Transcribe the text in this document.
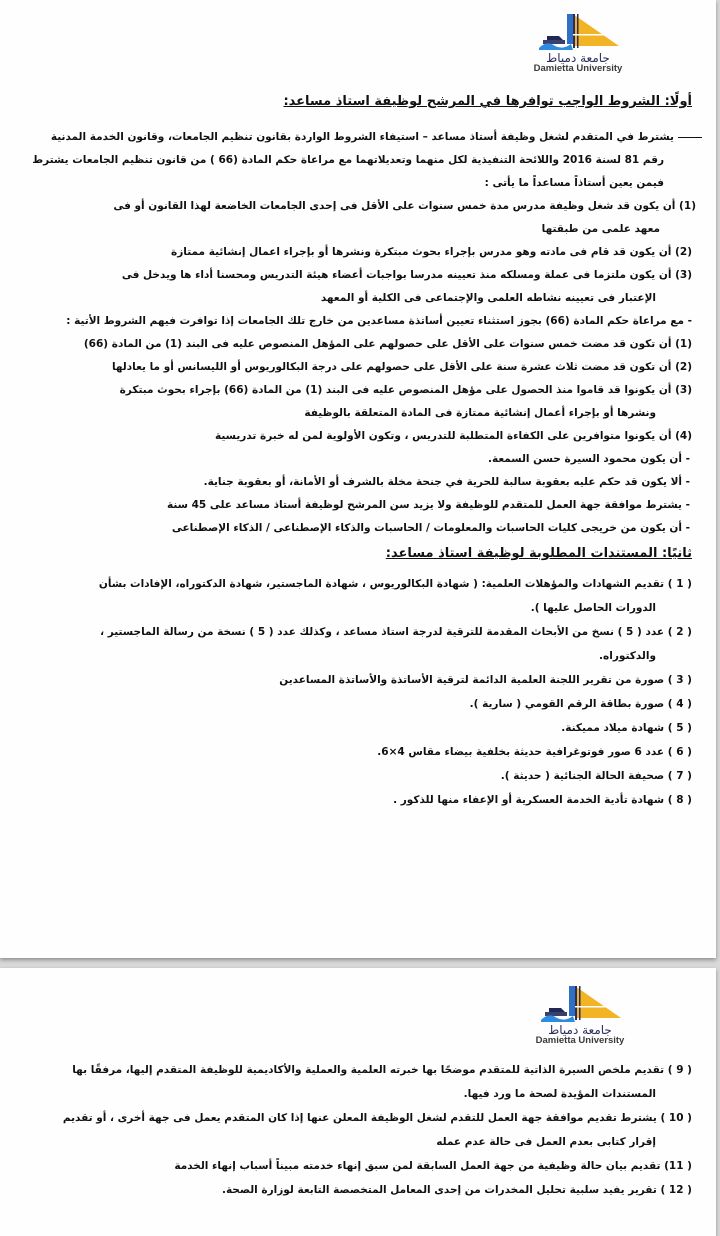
جامعة دمياط
Damietta University
أولًا: الشروط الواجب توافرها في المرشح لوظيفة استاذ مساعد:
يشترط في المتقدم لشغل وظيفة أستاذ مساعد – استيفاء الشروط الواردة بقانون تنظيم الجامعات، وقانون الخدمة المدنية
رقم 81 لسنة 2016 واللائحة التنفيذية لكل منهما وتعديلاتهما مع مراعاة حكم المادة (66 ) من قانون تنظيم الجامعات يشترط
فيمن يعين أستاذاً مساعداً ما يأتى :
(1) أن يكون قد شغل وظيفة مدرس مدة خمس سنوات على الأقل فى إحدى الجامعات الخاضعة لهذا القانون أو فى
معهد علمى من طبقتها
(2) أن يكون قد قام فى مادته وهو مدرس بإجراء بحوث مبتكرة ونشرها أو بإجراء اعمال إنشائية ممتازة
(3) أن يكون ملتزما فى عملة ومسلكه منذ تعيينه مدرسا بواجبات أعضاء هيئة التدريس ومحسنا أداء ها ويدخل فى
الإعتبار فى تعيينه نشاطه العلمى والإجتماعى فى الكلية أو المعهد
- مع مراعاة حكم المادة (66) بجوز استثناء تعيين أساتذة مساعدين من خارج تلك الجامعات إذا توافرت فيهم الشروط الأتية :
(1) أن تكون قد مضت خمس سنوات على الأقل على حصولهم على المؤهل المنصوص عليه فى البند (1) من المادة (66)
(2) أن تكون قد مضت ثلاث عشرة سنة على الأقل على حصولهم على درجة البكالوريوس أو الليسانس أو ما يعادلها
(3) أن يكونوا قد قاموا منذ الحصول على مؤهل المنصوص عليه فى البند (1) من المادة (66) بإجراء بحوث مبتكرة
ونشرها أو بإجراء أعمال إنشائية ممتازة فى المادة المتعلقة بالوظيفة
(4) أن يكونوا متوافرين على الكفاءة المتطلبة للتدريس ، وتكون الأولوية لمن له خبرة تدريسية
- أن يكون محمود السيرة حسن السمعة.
- ألا يكون قد حكم عليه بعقوبة سالبة للحرية في جنحة مخلة بالشرف أو الأمانة، أو بعقوبة جناية.
- يشترط موافقة جهة العمل للمتقدم للوظيفة ولا يزيد سن المرشح لوظيفة أستاذ مساعد على 45 سنة
- أن يكون من خريجى كليات الحاسبات والمعلومات / الحاسبات والذكاء الإصطناعى / الذكاء الإصطناعى
ثانيًا: المستندات المطلوبة لوظيفة استاذ مساعد:
( 1 ) تقديم الشهادات والمؤهلات العلمية: ( شهادة البكالوريوس ، شهادة الماجستير، شهادة الدكتوراه، الإفادات بشأن
الدورات الحاصل عليها ).
( 2 ) عدد ( 5 ) نسخ من الأبحاث المقدمة للترقية لدرجة استاذ مساعد ، وكذلك عدد ( 5 ) نسخة من رسالة الماجستير ،
والدكتوراه.
( 3 ) صورة من تقرير اللجنة العلمية الدائمة لترقية الأساتذة والأساتذة المساعدين
( 4 ) صورة بطاقة الرقم القومي ( سارية ).
( 5 ) شهادة ميلاد مميكنة.
( 6 ) عدد 6 صور فوتوغرافية حديثة بخلفية بيضاء مقاس 4×6.
( 7 ) صحيفة الحالة الجنائية ( حديثة ).
( 8 ) شهادة تأدية الخدمة العسكرية أو الإعفاء منها للذكور .
جامعة دمياط
Damietta University
( 9 ) تقديم ملخص السيرة الذاتية للمتقدم موضحًا بها خبرته العلمية والعملية والأكاديمية للوظيفة المتقدم إليها، مرفقًا بها
المستندات المؤيدة لصحة ما ورد فيها.
( 10 ) يشترط تقديم موافقة جهة العمل للتقدم لشغل الوظيفة المعلن عنها إذا كان المتقدم يعمل فى جهة أخرى ، أو تقديم
إقرار كتابى بعدم العمل فى حالة عدم عمله
( 11) تقديم بيان حالة وظيفية من جهة العمل السابقة لمن سبق إنهاء خدمته مبيناً أسباب إنهاء الخدمة
( 12 ) تقرير يفيد سلبية تحليل المخدرات من إحدى المعامل المتخصصة التابعة لوزارة الصحة.
